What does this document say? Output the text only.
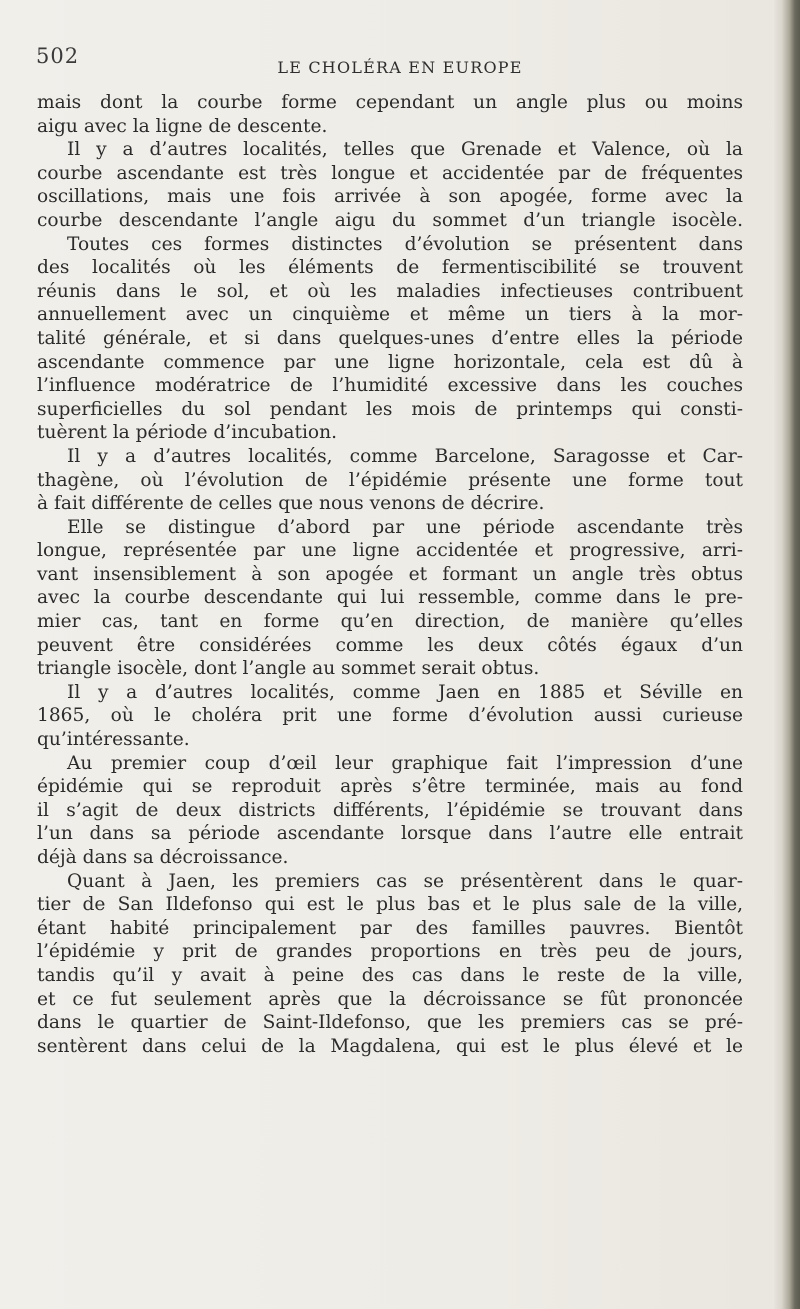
502	LE CHOLÉRA EN EUROPE
mais dont la courbe forme cependant un angle plus ou moins
aigu avec la ligne de descente.
Il y a d’autres localités, telles que Grenade et Valence, où la
courbe ascendante est très longue et accidentée par de fréquentes
oscillations, mais une fois arrivée à son apogée, forme avec la
courbe descendante l’angle aigu du sommet d’un triangle isocèle.
Toutes ces formes distinctes d’évolution se présentent dans
des localités où les éléments de fermentiscibilité se trouvent
réunis dans le sol, et où les maladies infectieuses contribuent
annuellement avec un cinquième et même un tiers à la mor-
talité générale, et si dans quelques-unes d’entre elles la période
ascendante commence par une ligne horizontale, cela est dû à
l’influence modératrice de l’humidité excessive dans les couches
superficielles du sol pendant les mois de printemps qui consti-
tuèrent la période d’incubation.
Il y a d’autres localités, comme Barcelone, Saragosse et Car-
thagène, où l’évolution de l’épidémie présente une forme tout
à fait différente de celles que nous venons de décrire.
Elle se distingue d’abord par une période ascendante très
longue, représentée par une ligne accidentée et progressive, arri-
vant insensiblement à son apogée et formant un angle très obtus
avec la courbe descendante qui lui ressemble, comme dans le pre-
mier cas, tant en forme qu’en direction, de manière qu’elles
peuvent être considérées comme les deux côtés égaux d’un
triangle isocèle, dont l’angle au sommet serait obtus.
Il y a d’autres localités, comme Jaen en 1885 et Séville en
1865, où le choléra prit une forme d’évolution aussi curieuse
qu’intéressante.
Au premier coup d’œil leur graphique fait l’impression d’une
épidémie qui se reproduit après s’être terminée, mais au fond
il s’agit de deux districts différents, l’épidémie se trouvant dans
l’un dans sa période ascendante lorsque dans l’autre elle entrait
déjà dans sa décroissance.
Quant à Jaen, les premiers cas se présentèrent dans le quar-
tier de San Ildefonso qui est le plus bas et le plus sale de la ville,
étant habité principalement par des familles pauvres. Bientôt
l’épidémie y prit de grandes proportions en très peu de jours,
tandis qu’il y avait à peine des cas dans le reste de la ville,
et ce fut seulement après que la décroissance se fût prononcée
dans le quartier de Saint-Ildefonso, que les premiers cas se pré-
sentèrent dans celui de la Magdalena, qui est le plus élevé et le
